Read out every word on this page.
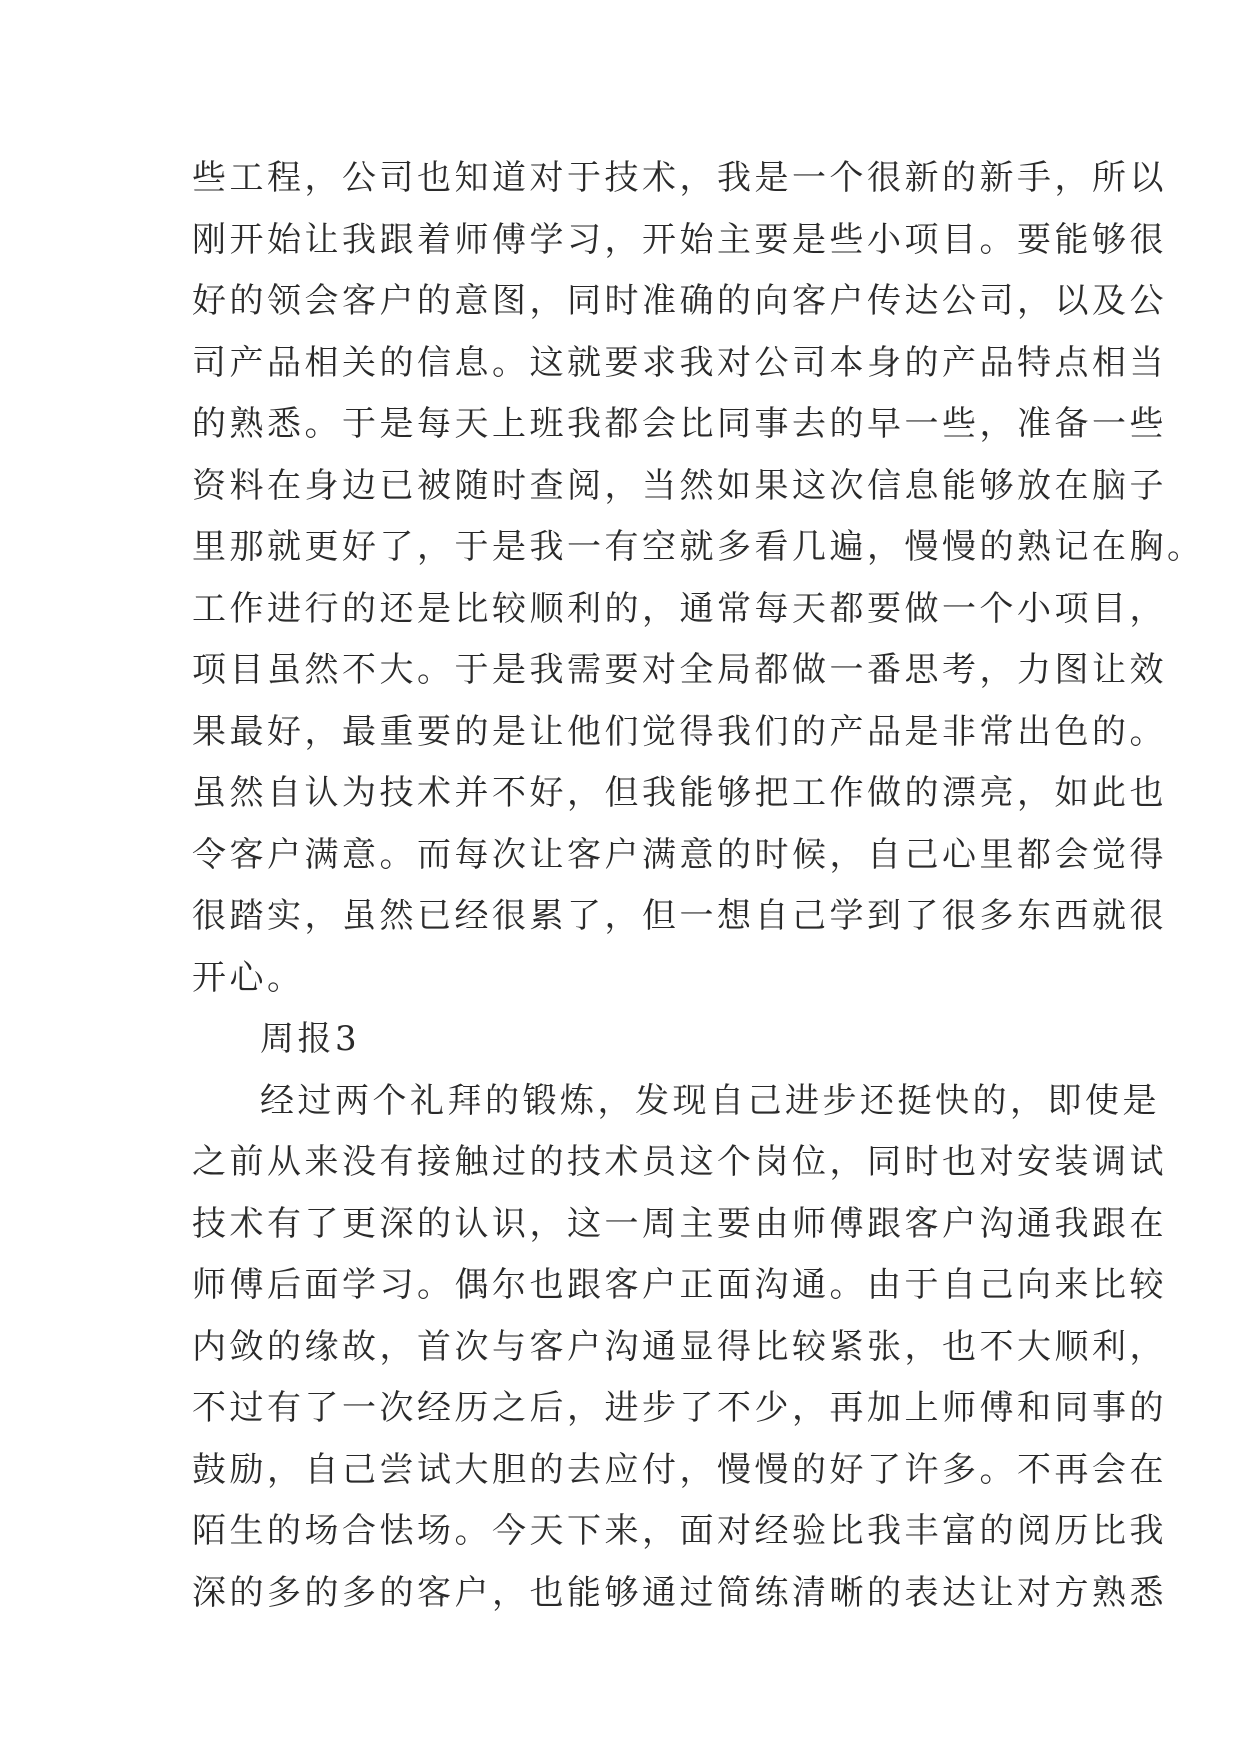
些工程，公司也知道对于技术，我是一个很新的新手，所以
刚开始让我跟着师傅学习，开始主要是些小项目。要能够很
好的领会客户的意图，同时准确的向客户传达公司，以及公
司产品相关的信息。这就要求我对公司本身的产品特点相当
的熟悉。于是每天上班我都会比同事去的早一些，准备一些
资料在身边已被随时查阅，当然如果这次信息能够放在脑子
里那就更好了，于是我一有空就多看几遍，慢慢的熟记在胸。
工作进行的还是比较顺利的，通常每天都要做一个小项目，
项目虽然不大。于是我需要对全局都做一番思考，力图让效
果最好，最重要的是让他们觉得我们的产品是非常出色的。
虽然自认为技术并不好，但我能够把工作做的漂亮，如此也
令客户满意。而每次让客户满意的时候，自己心里都会觉得
很踏实，虽然已经很累了，但一想自己学到了很多东西就很
开心。
周报3
经过两个礼拜的锻炼，发现自己进步还挺快的，即使是
之前从来没有接触过的技术员这个岗位，同时也对安装调试
技术有了更深的认识，这一周主要由师傅跟客户沟通我跟在
师傅后面学习。偶尔也跟客户正面沟通。由于自己向来比较
内敛的缘故，首次与客户沟通显得比较紧张，也不大顺利，
不过有了一次经历之后，进步了不少，再加上师傅和同事的
鼓励，自己尝试大胆的去应付，慢慢的好了许多。不再会在
陌生的场合怯场。今天下来，面对经验比我丰富的阅历比我
深的多的多的客户，也能够通过简练清晰的表达让对方熟悉
